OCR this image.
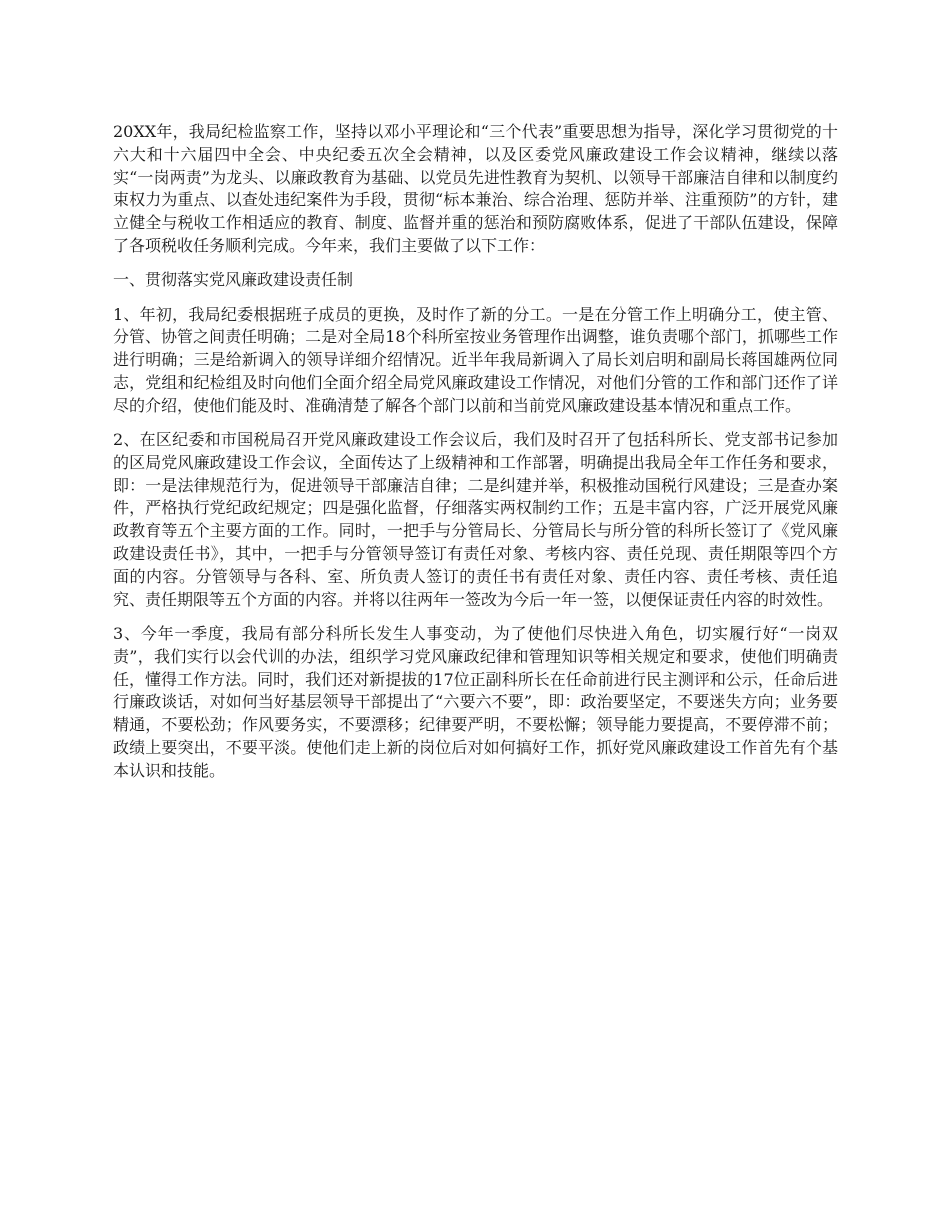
20XX年，我局纪检监察工作，坚持以邓小平理论和“三个代表”重要思想为指导，深化学习贯彻党的十六大和十六届四中全会、中央纪委五次全会精神，以及区委党风廉政建设工作会议精神，继续以落实“一岗两责”为龙头、以廉政教育为基础、以党员先进性教育为契机、以领导干部廉洁自律和以制度约束权力为重点、以查处违纪案件为手段，贯彻“标本兼治、综合治理、惩防并举、注重预防”的方针，建立健全与税收工作相适应的教育、制度、监督并重的惩治和预防腐败体系，促进了干部队伍建设，保障了各项税收任务顺利完成。今年来，我们主要做了以下工作：

一、贯彻落实党风廉政建设责任制

1、年初，我局纪委根据班子成员的更换，及时作了新的分工。一是在分管工作上明确分工，使主管、分管、协管之间责任明确；二是对全局18个科所室按业务管理作出调整，谁负责哪个部门，抓哪些工作进行明确；三是给新调入的领导详细介绍情况。近半年我局新调入了局长刘启明和副局长蒋国雄两位同志，党组和纪检组及时向他们全面介绍全局党风廉政建设工作情况，对他们分管的工作和部门还作了详尽的介绍，使他们能及时、准确清楚了解各个部门以前和当前党风廉政建设基本情况和重点工作。

2、在区纪委和市国税局召开党风廉政建设工作会议后，我们及时召开了包括科所长、党支部书记参加的区局党风廉政建设工作会议，全面传达了上级精神和工作部署，明确提出我局全年工作任务和要求，即：一是法律规范行为，促进领导干部廉洁自律；二是纠建并举，积极推动国税行风建设；三是查办案件，严格执行党纪政纪规定；四是强化监督，仔细落实两权制约工作；五是丰富内容，广泛开展党风廉政教育等五个主要方面的工作。同时，一把手与分管局长、分管局长与所分管的科所长签订了《党风廉政建设责任书》，其中，一把手与分管领导签订有责任对象、考核内容、责任兑现、责任期限等四个方面的内容。分管领导与各科、室、所负责人签订的责任书有责任对象、责任内容、责任考核、责任追究、责任期限等五个方面的内容。并将以往两年一签改为今后一年一签，以便保证责任内容的时效性。

3、今年一季度，我局有部分科所长发生人事变动，为了使他们尽快进入角色，切实履行好“一岗双责”，我们实行以会代训的办法，组织学习党风廉政纪律和管理知识等相关规定和要求，使他们明确责任，懂得工作方法。同时，我们还对新提拔的17位正副科所长在任命前进行民主测评和公示，任命后进行廉政谈话，对如何当好基层领导干部提出了“六要六不要”，即：政治要坚定，不要迷失方向；业务要精通，不要松劲；作风要务实，不要漂移；纪律要严明，不要松懈；领导能力要提高，不要停滞不前；政绩上要突出，不要平淡。使他们走上新的岗位后对如何搞好工作，抓好党风廉政建设工作首先有个基本认识和技能。
